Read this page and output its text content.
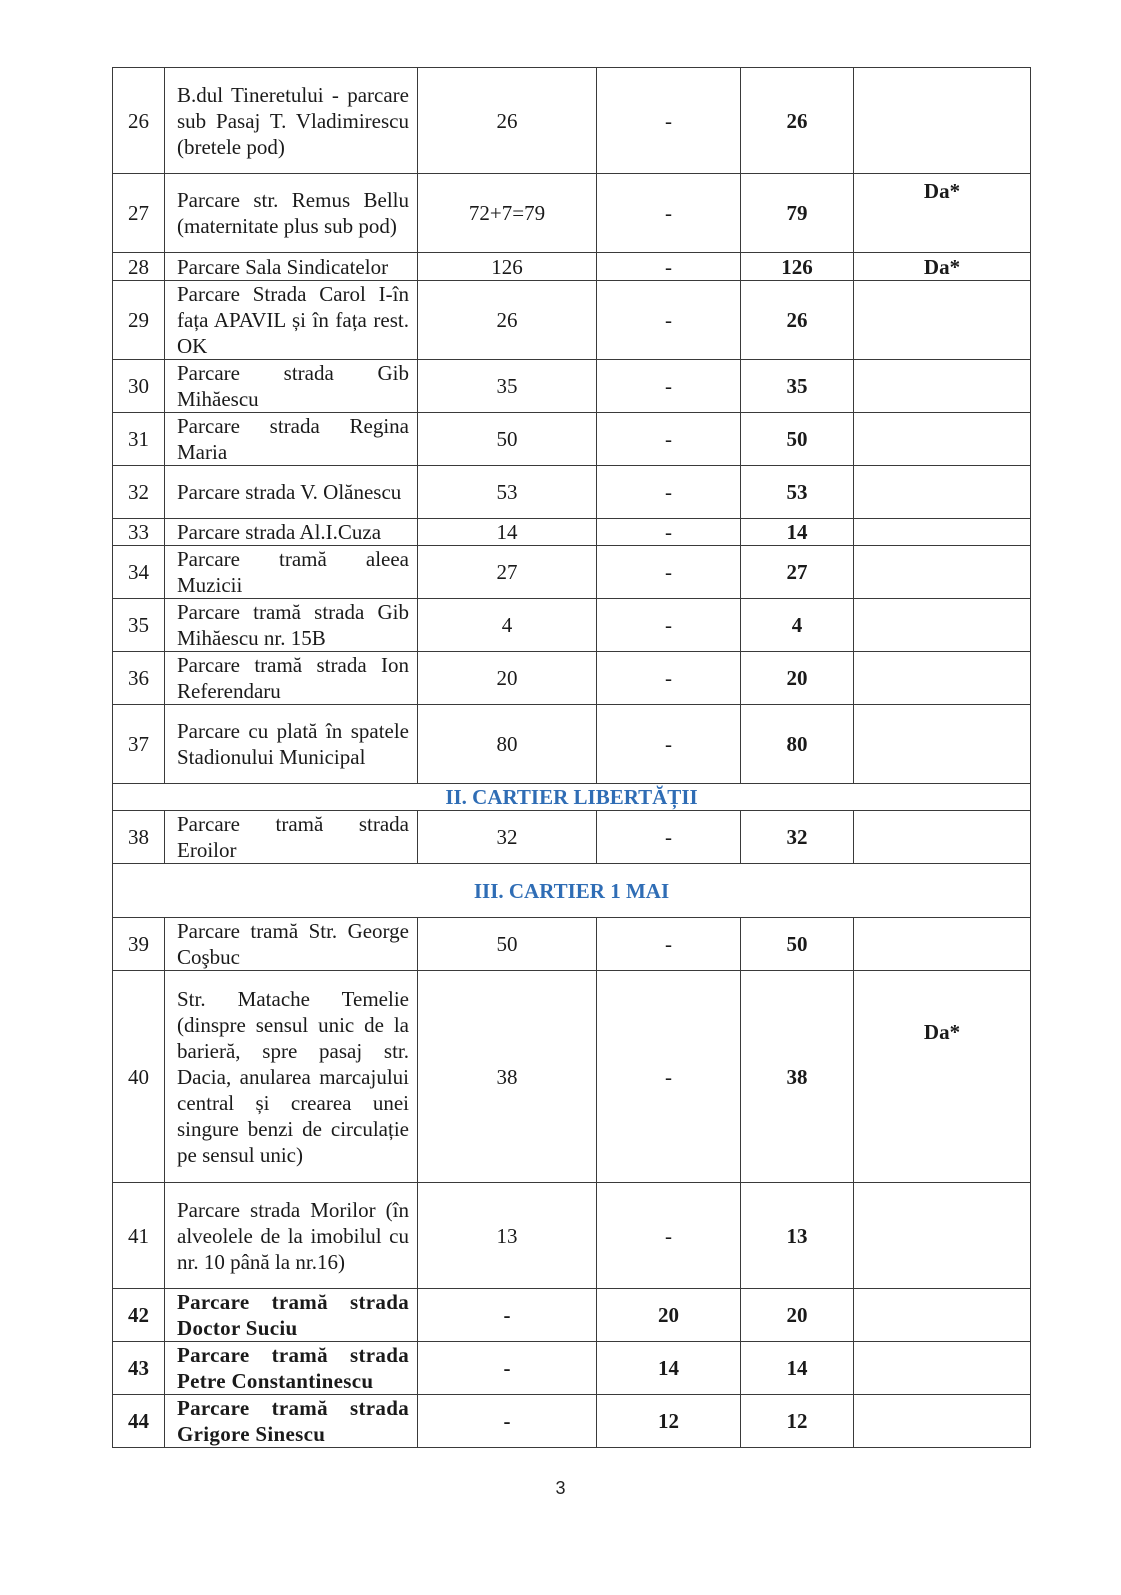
26	B.dul Tineretului - parcare sub Pasaj T. Vladimirescu (bretele pod)	26	-	26	
27	Parcare str. Remus Bellu (maternitate plus sub pod)	72+7=79	-	79	Da*
28	Parcare Sala Sindicatelor	126	-	126	Da*
29	Parcare Strada Carol I-în fața APAVIL și în fața rest. OK	26	-	26	
30	Parcare strada Gib Mihăescu	35	-	35	
31	Parcare strada Regina Maria	50	-	50	
32	Parcare strada V. Olănescu	53	-	53	
33	Parcare strada Al.I.Cuza	14	-	14	
34	Parcare tramă aleea Muzicii	27	-	27	
35	Parcare tramă strada Gib Mihăescu nr. 15B	4	-	4	
36	Parcare tramă strada Ion Referendaru	20	-	20	
37	Parcare cu plată în spatele Stadionului Municipal	80	-	80	
II. CARTIER LIBERTĂȚII					
38	Parcare tramă strada Eroilor	32	-	32	
III. CARTIER 1 MAI					
39	Parcare tramă Str. George Coşbuc	50	-	50	
40	Str. Matache Temelie (dinspre sensul unic de la barieră, spre pasaj str. Dacia, anularea marcajului central și crearea unei singure benzi de circulație pe sensul unic)	38	-	38	Da*
41	Parcare strada Morilor (în alveolele de la imobilul cu nr. 10 până la nr.16)	13	-	13	
42	Parcare tramă strada Doctor Suciu	-	20	20	
43	Parcare tramă strada Petre Constantinescu	-	14	14	
44	Parcare tramă strada Grigore Sinescu	-	12	12	
3
